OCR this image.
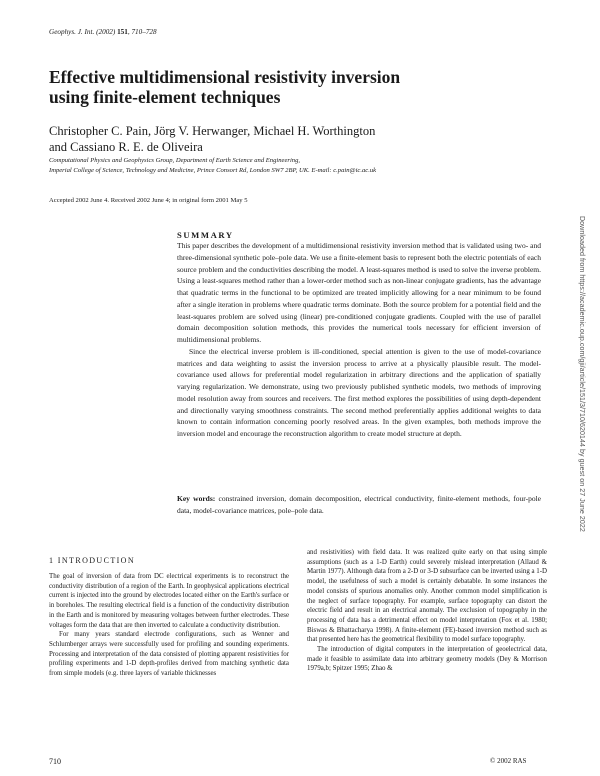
Geophys. J. Int. (2002) 151, 710–728
Effective multidimensional resistivity inversion
using finite-element techniques
Christopher C. Pain, Jörg V. Herwanger, Michael H. Worthington
and Cassiano R. E. de Oliveira
Computational Physics and Geophysics Group, Department of Earth Science and Engineering,
Imperial College of Science, Technology and Medicine, Prince Consort Rd, London SW7 2BP, UK. E-mail: c.pain@ic.ac.uk
Accepted 2002 June 4. Received 2002 June 4; in original form 2001 May 5
SUMMARY

This paper describes the development of a multidimensional resistivity inversion method that is validated using two- and three-dimensional synthetic pole–pole data. We use a finite-element basis to represent both the electric potentials of each source problem and the conductivities describing the model. A least-squares method is used to solve the inverse problem. Using a least-squares method rather than a lower-order method such as non-linear conjugate gradients, has the advantage that quadratic terms in the functional to be optimized are treated implicitly allowing for a near minimum to be found after a single iteration in problems where quadratic terms dominate. Both the source problem for a potential field and the least-squares problem are solved using (linear) pre-conditioned conjugate gradients. Coupled with the use of parallel domain decomposition solution methods, this provides the numerical tools necessary for efficient inversion of multidimensional problems.

Since the electrical inverse problem is ill-conditioned, special attention is given to the use of model-covariance matrices and data weighting to assist the inversion process to arrive at a physically plausible result. The model-covariance used allows for preferential model regularization in arbitrary directions and the application of spatially varying regularization. We demonstrate, using two previously published synthetic models, two methods of improving model resolution away from sources and receivers. The first method explores the possibilities of using depth-dependent and directionally varying smoothness constraints. The second method preferentially applies additional weights to data known to contain information concerning poorly resolved areas. In the given examples, both methods improve the inversion model and encourage the reconstruction algorithm to create model structure at depth.

Key words: constrained inversion, domain decomposition, electrical conductivity, finite-element methods, four-pole data, model-covariance matrices, pole–pole data.
1 INTRODUCTION

The goal of inversion of data from DC electrical experiments is to reconstruct the conductivity distribution of a region of the Earth. In geophysical applications electrical current is injected into the ground by electrodes located either on the Earth's surface or in boreholes. The resulting electrical field is a function of the conductivity distribution in the Earth and is monitored by measuring voltages between further electrodes. These voltages form the data that are then inverted to calculate a conductivity distribution.

For many years standard electrode configurations, such as Wenner and Schlumberger arrays were successfully used for profiling and sounding experiments. Processing and interpretation of the data consisted of plotting apparent resistivities for profiling experiments and 1-D depth-profiles derived from matching synthetic data from simple models (e.g. three layers of variable thicknesses

and resistivities) with field data. It was realized quite early on that using simple assumptions (such as a 1-D Earth) could severely mislead interpretation (Allaud & Martin 1977). Although data from a 2-D or 3-D subsurface can be inverted using a 1-D model, the usefulness of such a model is certainly debatable. In some instances the model consists of spurious anomalies only. Another common model simplification is the neglect of surface topography. For example, surface topography can distort the electric field and result in an electrical anomaly. The exclusion of topography in the processing of data has a detrimental effect on model interpretation (Fox et al. 1980; Biswas & Bhattacharya 1998). A finite-element (FE)-based inversion method such as that presented here has the geometrical flexibility to model surface topography.

The introduction of digital computers in the interpretation of geoelectrical data, made it feasible to assimilate data into arbitrary geometry models (Dey & Morrison 1979a,b; Spitzer 1995; Zhao &

710	© 2002 RAS
Downloaded from https://academic.oup.com/gji/article/151/3/710/620144 by guest on 27 June 2022
